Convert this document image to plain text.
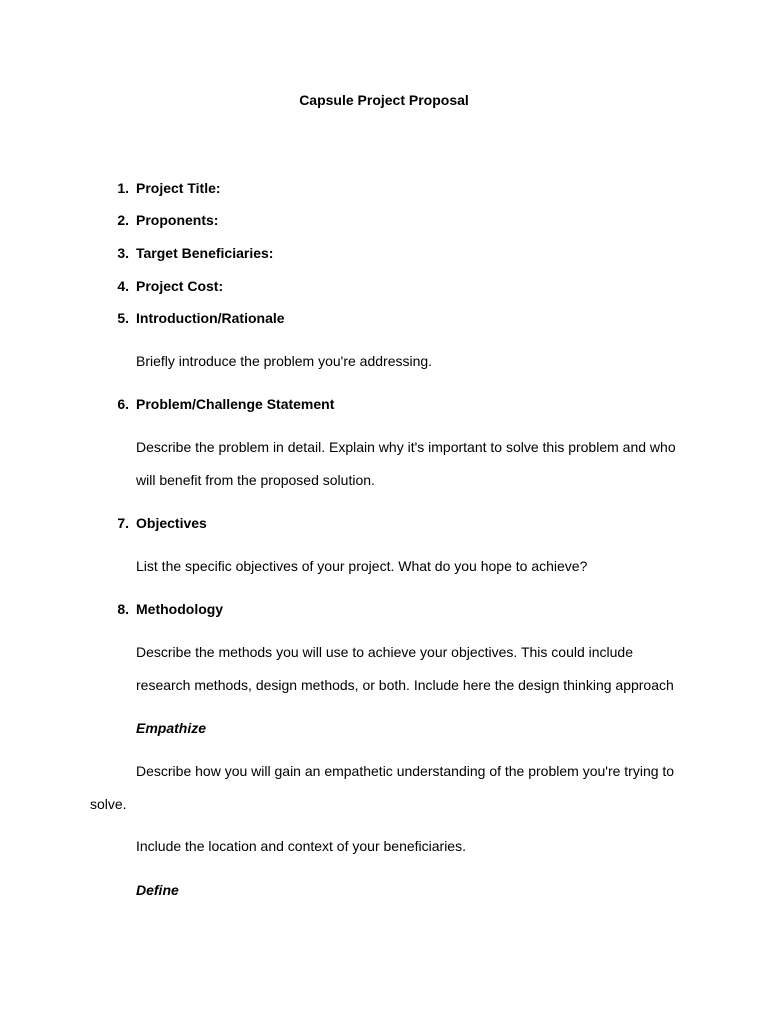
Capsule Project Proposal
1. Project Title:
2. Proponents:
3. Target Beneficiaries:
4. Project Cost:
5. Introduction/Rationale
Briefly introduce the problem you're addressing.
6. Problem/Challenge Statement
Describe the problem in detail. Explain why it's important to solve this problem and who
will benefit from the proposed solution.
7. Objectives
List the specific objectives of your project. What do you hope to achieve?
8. Methodology
Describe the methods you will use to achieve your objectives. This could include
research methods, design methods, or both. Include here the design thinking approach
Empathize
Describe how you will gain an empathetic understanding of the problem you're trying to
solve.
Include the location and context of your beneficiaries.
Define
